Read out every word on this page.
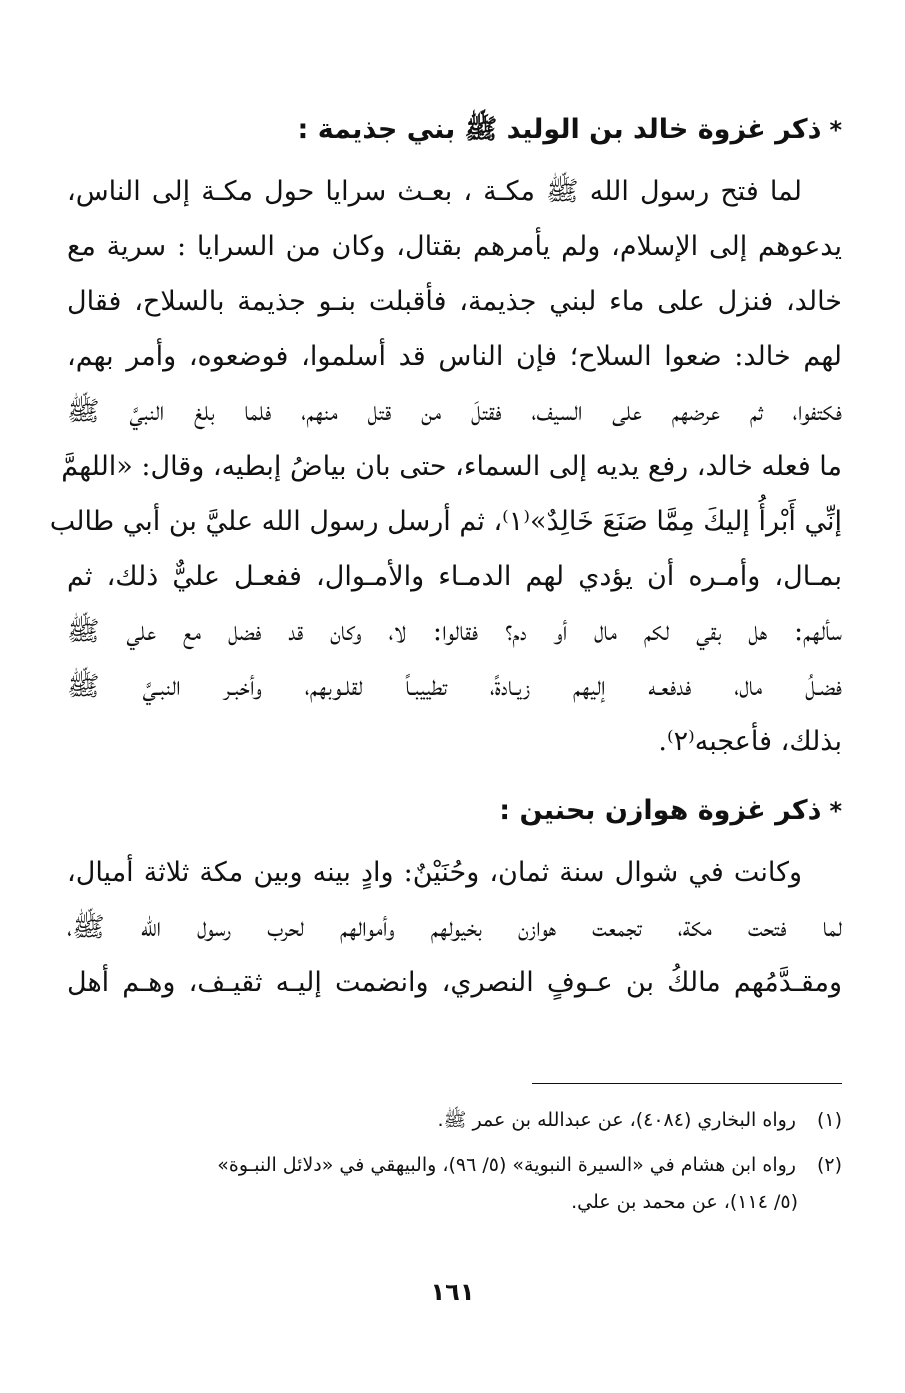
*ذكر غزوة خالد بن الوليد ﷺ بني جذيمة :

لما فتح رسول الله ﷺ مكـة ، بعـث سرايا حول مكـة إلى الناس،
يدعوهم إلى الإسلام، ولم يأمرهم بقتال، وكان من السرايا : سرية مع
خالد، فنزل على ماء لبني جذيمة، فأقبلت بنـو جذيمة بالسلاح، فقال
لهم خالد: ضعوا السلاح؛ فإن الناس قد أسلموا، فوضعوه، وأمر بهم،
فكتفوا، ثم عرضهم على السيف، فقتلَ من قتل منهم، فلما بلغ النبيَّ ﷺ
ما فعله خالد، رفع يديه إلى السماء، حتى بان بياضُ إبطيه، وقال: «اللهمَّ
إنِّي أَبْرأُ إليكَ مِمَّا صَنَعَ خَالِدٌ»⁽١⁾، ثم أرسل رسول الله عليَّ بن أبي طالب
بمـال، وأمـره أن يؤدي لهم الدمـاء والأمـوال، ففعـل عليٌّ ذلك، ثم
سألهم: هل بقي لكم مال أو دم؟ فقالوا: لا، وكان قد فضل مع علي ﷺ
فضـلُ مال، فدفعـه إليهم زيـادةً، تطييبـاً لقلـوبهم، وأخبـر النبـيَّ ﷺ
بذلك، فأعجبه⁽٢⁾.

*ذكر غزوة هوازن بحنين :

وكانت في شوال سنة ثمان، وحُنَيْنٌ: وادٍ بينه وبين مكة ثلاثة أميال،
لما فتحت مكة، تجمعت هوازن بخيولهم وأموالهم لحرب رسول الله ﷺ،
ومقـدَّمُهم مالكُ بن عـوفٍ النصري، وانضمت إليـه ثقيـف، وهـم أهل

(١) رواه البخاري (٤٠٨٤)، عن عبدالله بن عمر ﷺ.
(٢) رواه ابن هشام في «السيرة النبوية» (٥/ ٩٦)، والبيهقي في «دلائل النبـوة»
(٥/ ١١٤)، عن محمد بن علي.
١٦١
